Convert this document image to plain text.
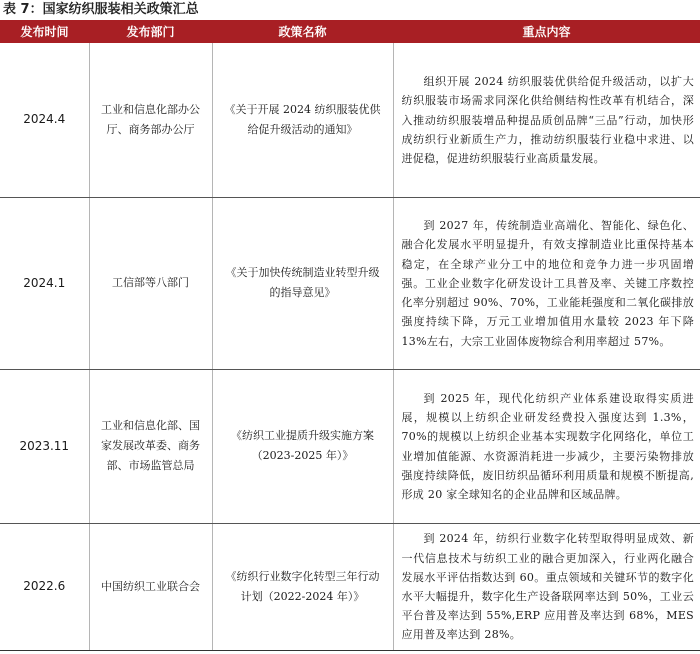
表 7：国家纺织服装相关政策汇总
发布时间	发布部门	政策名称	重点内容
2024.4	工业和信息化部办公厅、商务部办公厅	《关于开展 2024 纺织服装优供给促升级活动的通知》	组织开展 2024 纺织服装优供给促升级活动，以扩大纺织服装市场需求同深化供给侧结构性改革有机结合，深入推动纺织服装增品种提品质创品牌“三品”行动，加快形成纺织行业新质生产力，推动纺织服装行业稳中求进、以进促稳，促进纺织服装行业高质量发展。
2024.1	工信部等八部门	《关于加快传统制造业转型升级的指导意见》	到 2027 年，传统制造业高端化、智能化、绿色化、融合化发展水平明显提升，有效支撑制造业比重保持基本稳定，在全球产业分工中的地位和竞争力进一步巩固增强。工业企业数字化研发设计工具普及率、关键工序数控化率分别超过 90%、70%，工业能耗强度和二氧化碳排放强度持续下降，万元工业增加值用水量较 2023 年下降 13%左右，大宗工业固体废物综合利用率超过 57%。
2023.11	工业和信息化部、国家发展改革委、商务部、市场监管总局	《纺织工业提质升级实施方案（2023-2025 年）》	到 2025 年，现代化纺织产业体系建设取得实质进展，规模以上纺织企业研发经费投入强度达到 1.3%，70%的规模以上纺织企业基本实现数字化网络化，单位工业增加值能源、水资源消耗进一步减少，主要污染物排放强度持续降低，废旧纺织品循环利用质量和规模不断提高,形成 20 家全球知名的企业品牌和区域品牌。
2022.6	中国纺织工业联合会	《纺织行业数字化转型三年行动计划（2022-2024 年）》	到 2024 年，纺织行业数字化转型取得明显成效、新一代信息技术与纺织工业的融合更加深入，行业两化融合发展水平评估指数达到 60。重点领域和关键环节的数字化水平大幅提升，数字化生产设备联网率达到 50%，工业云平台普及率达到 55%,ERP 应用普及率达到 68%，MES 应用普及率达到 28%。
